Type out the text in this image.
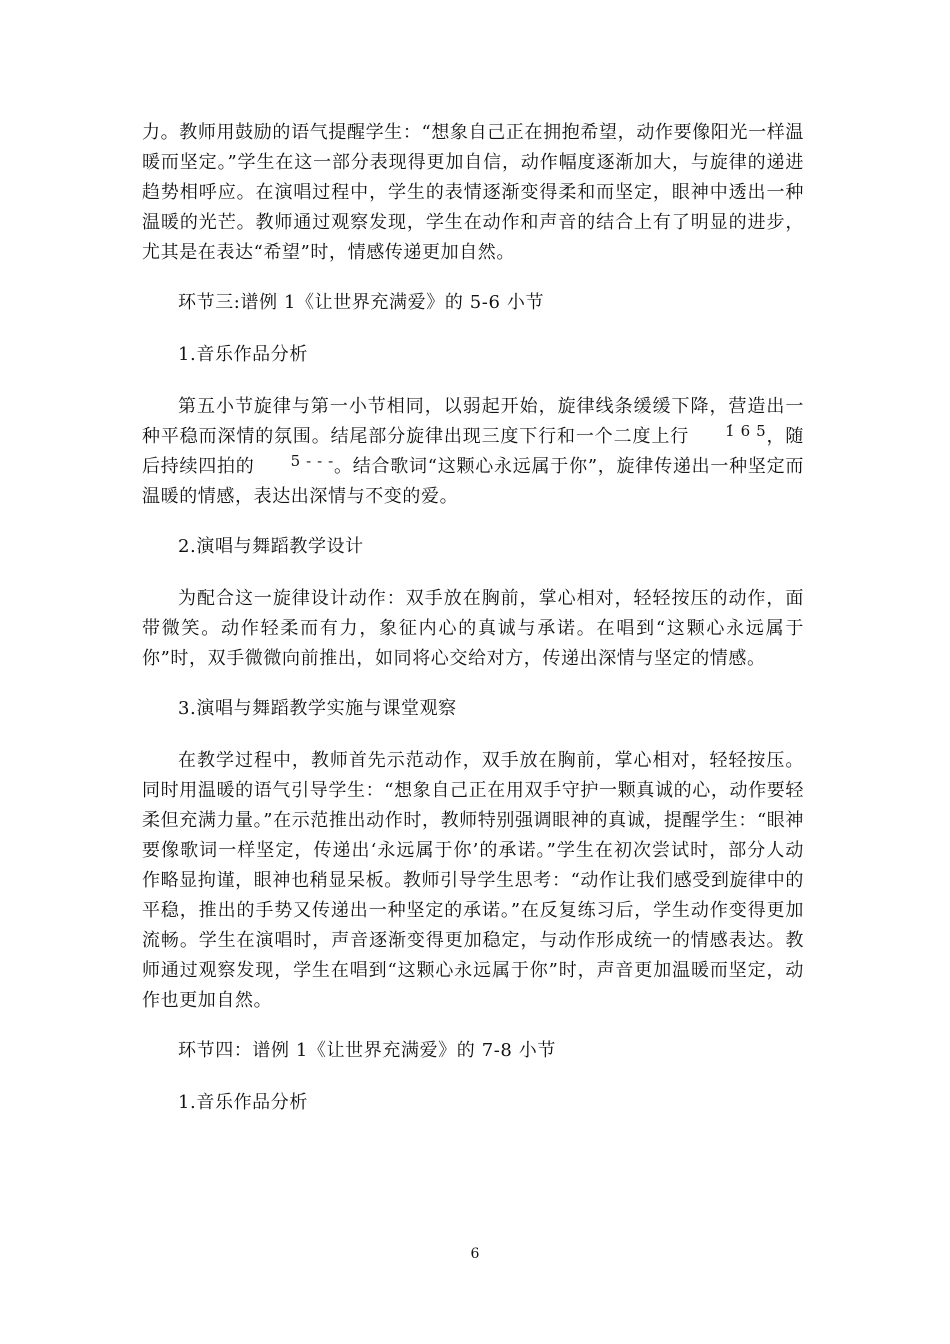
力。教师用鼓励的语气提醒学生：“想象自己正在拥抱希望，动作要像阳光一样温暖而坚定。”学生在这一部分表现得更加自信，动作幅度逐渐加大，与旋律的递进趋势相呼应。在演唱过程中，学生的表情逐渐变得柔和而坚定，眼神中透出一种温暖的光芒。教师通过观察发现，学生在动作和声音的结合上有了明显的进步，尤其是在表达“希望”时，情感传递更加自然。

环节三:谱例 1《让世界充满爱》的 5-6 小节

1.音乐作品分析

第五小节旋律与第一小节相同，以弱起开始，旋律线条缓缓下降，营造出一种平稳而深情的氛围。结尾部分旋律出现三度下行和一个二度上行 1̇ 6 5，随后持续四拍的 5 - - -。结合歌词“这颗心永远属于你”，旋律传递出一种坚定而温暖的情感，表达出深情与不变的爱。

2.演唱与舞蹈教学设计

为配合这一旋律设计动作：双手放在胸前，掌心相对，轻轻按压的动作，面带微笑。动作轻柔而有力，象征内心的真诚与承诺。在唱到“这颗心永远属于你”时，双手微微向前推出，如同将心交给对方，传递出深情与坚定的情感。

3.演唱与舞蹈教学实施与课堂观察

在教学过程中，教师首先示范动作，双手放在胸前，掌心相对，轻轻按压。同时用温暖的语气引导学生：“想象自己正在用双手守护一颗真诚的心，动作要轻柔但充满力量。”在示范推出动作时，教师特别强调眼神的真诚，提醒学生：“眼神要像歌词一样坚定，传递出‘永远属于你’的承诺。”学生在初次尝试时，部分人动作略显拘谨，眼神也稍显呆板。教师引导学生思考：“动作让我们感受到旋律中的平稳，推出的手势又传递出一种坚定的承诺。”在反复练习后，学生动作变得更加流畅。学生在演唱时，声音逐渐变得更加稳定，与动作形成统一的情感表达。教师通过观察发现，学生在唱到“这颗心永远属于你”时，声音更加温暖而坚定，动作也更加自然。

环节四：谱例 1《让世界充满爱》的 7-8 小节

1.音乐作品分析

6
